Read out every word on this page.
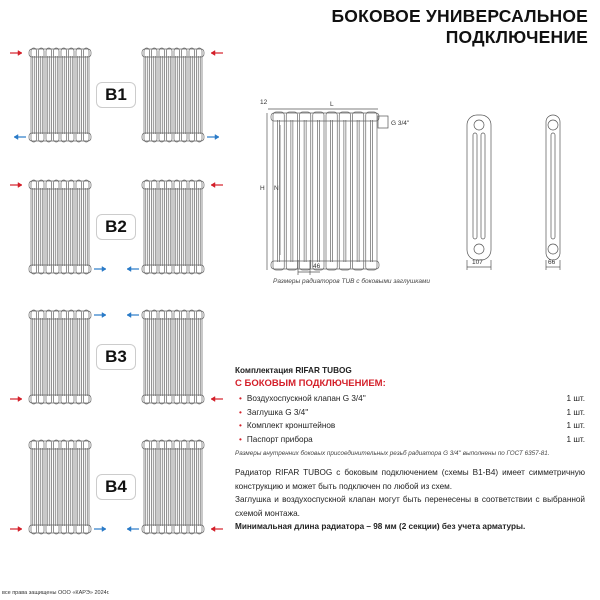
БОКОВОЕ УНИВЕРСАЛЬНОЕ
ПОДКЛЮЧЕНИЕ
B1
B2
B3
B4
12	L
H N
46
G 3/4''
107	66
Размеры радиаторов TUB с боковыми заглушками
Комплектация RIFAR TUBOG
С БОКОВЫМ ПОДКЛЮЧЕНИЕМ:
• Воздухоспускной клапан G 3/4''	1 шт.
• Заглушка G 3/4''	1 шт.
• Комплект кронштейнов	1 шт.
• Паспорт прибора	1 шт.
Размеры внутренних боковых присоединительных резьб радиатора G 3/4'' выполнены по ГОСТ 6357-81.
Радиатор RIFAR TUBOG с боковым подключением (схемы В1-В4) имеет симметричную конструкцию и может быть подключен по любой из схем.
Заглушка и воздухоспускной клапан могут быть перенесены в соответствии с выбранной схемой монтажа.
Минимальная длина радиатора – 98 мм (2 секции) без учета арматуры.
все права защищены ООО «КАРЭ» 2024г.
